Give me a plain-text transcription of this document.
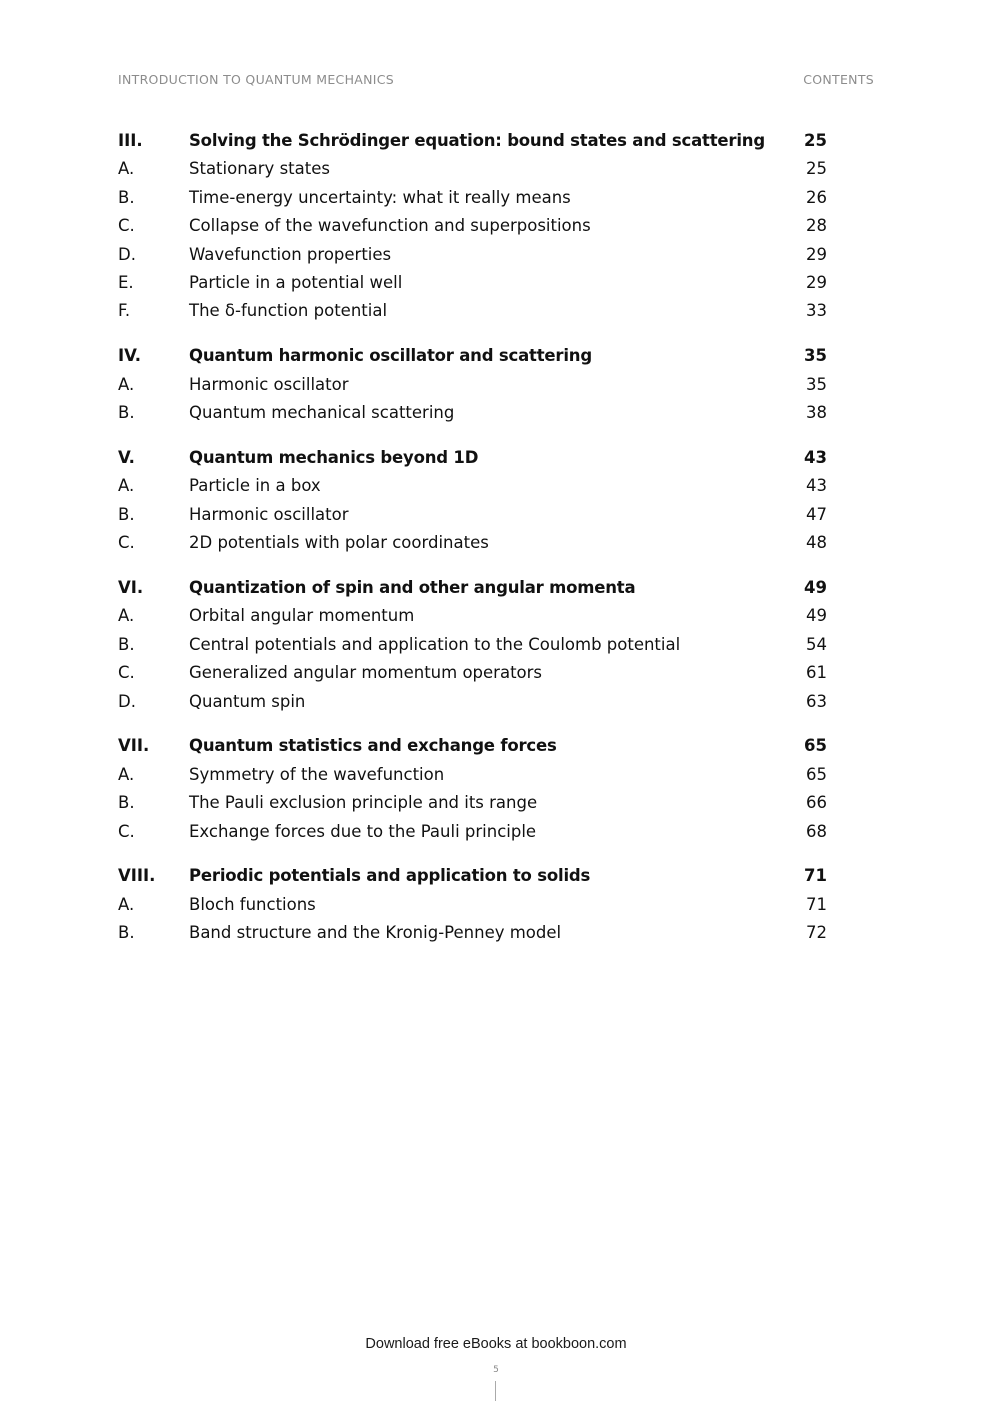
INTRODUCTION TO QUANTUM MECHANICS	CONTENTS
III.	Solving the Schrödinger equation: bound states and scattering 25
A.	Stationary states	25
B.	Time-energy uncertainty: what it really means	26
C.	Collapse of the wavefunction and superpositions	28
D.	Wavefunction properties	29
E.	Particle in a potential well	29
F.	The δ-function potential	33
IV.	Quantum harmonic oscillator and scattering	35
A.	Harmonic oscillator	35
B.	Quantum mechanical scattering	38
V.	Quantum mechanics beyond 1D	43
A.	Particle in a box	43
B.	Harmonic oscillator	47
C.	2D potentials with polar coordinates	48
VI.	Quantization of spin and other angular momenta	49
A.	Orbital angular momentum	49
B.	Central potentials and application to the Coulomb potential	54
C.	Generalized angular momentum operators	61
D.	Quantum spin	63
VII. Quantum statistics and exchange forces	65
A.	Symmetry of the wavefunction	65
B.	The Pauli exclusion principle and its range	66
C.	Exchange forces due to the Pauli principle	68
VIII. Periodic potentials and application to solids	71
A.	Bloch functions	71
B.	Band structure and the Kronig-Penney model	72
Download free eBooks at bookboon.com
5
